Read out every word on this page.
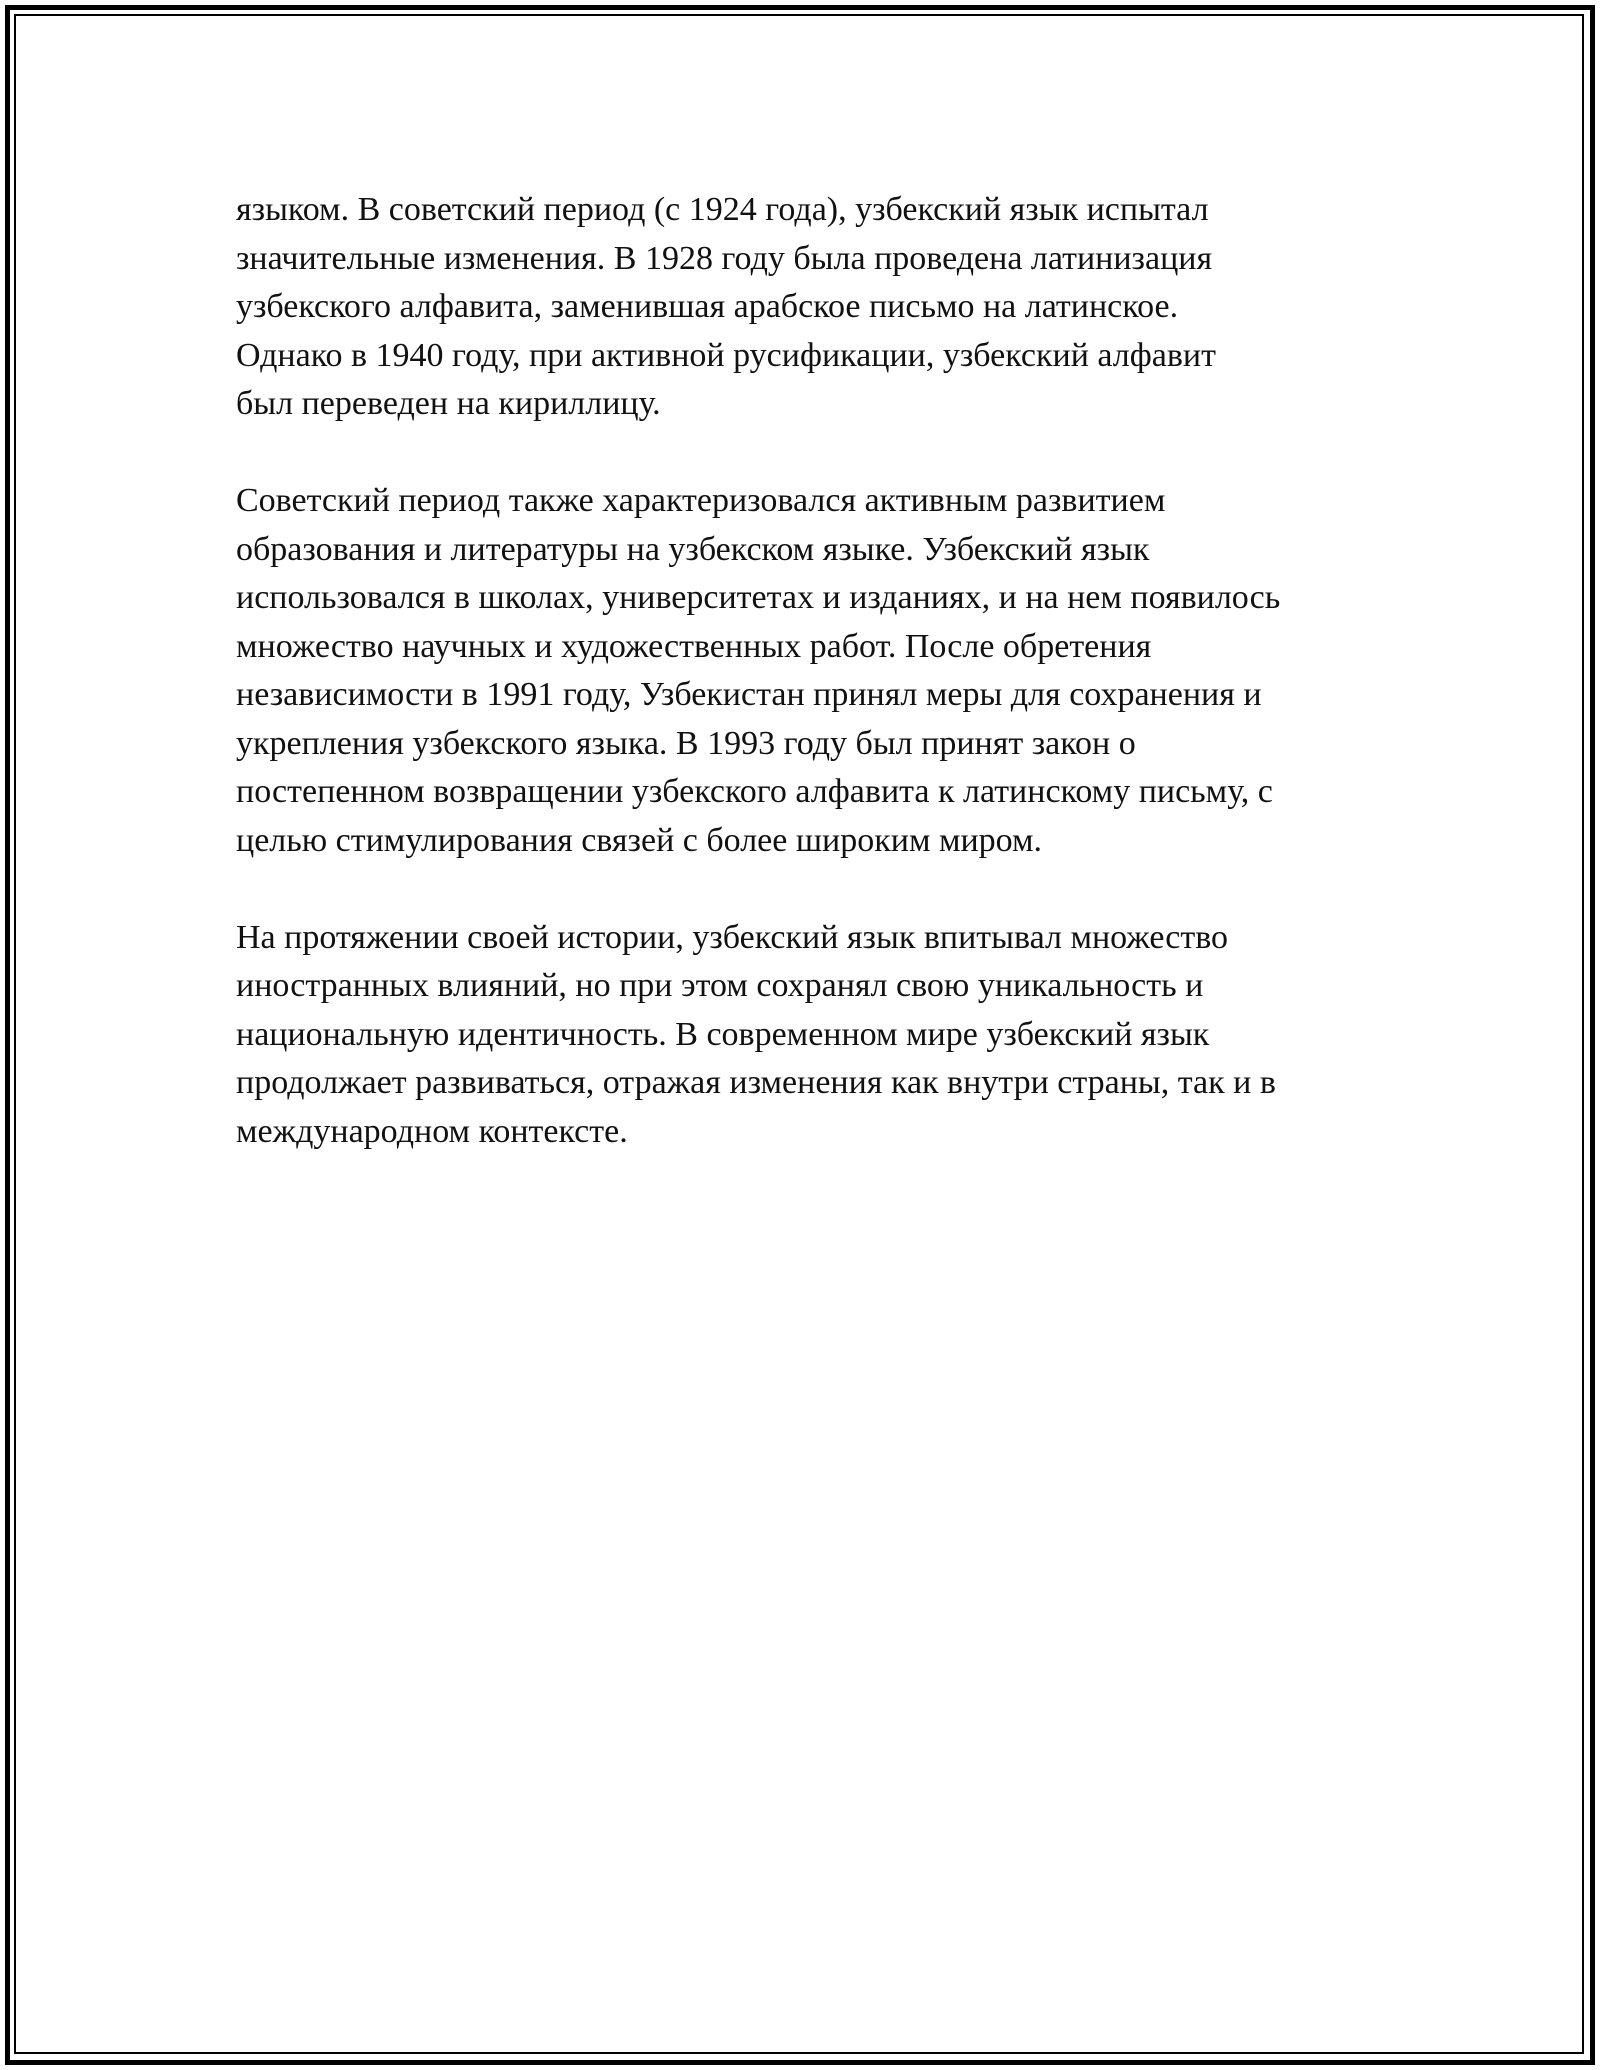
языком. В советский период (с 1924 года), узбекский язык испытал
значительные изменения. В 1928 году была проведена латинизация
узбекского алфавита, заменившая арабское письмо на латинское.
Однако в 1940 году, при активной русификации, узбекский алфавит
был переведен на кириллицу.

Советский период также характеризовался активным развитием
образования и литературы на узбекском языке. Узбекский язык
использовался в школах, университетах и изданиях, и на нем появилось
множество научных и художественных работ. После обретения
независимости в 1991 году, Узбекистан принял меры для сохранения и
укрепления узбекского языка. В 1993 году был принят закон о
постепенном возвращении узбекского алфавита к латинскому письму, с
целью стимулирования связей с более широким миром.

На протяжении своей истории, узбекский язык впитывал множество
иностранных влияний, но при этом сохранял свою уникальность и
национальную идентичность. В современном мире узбекский язык
продолжает развиваться, отражая изменения как внутри страны, так и в
международном контексте.
